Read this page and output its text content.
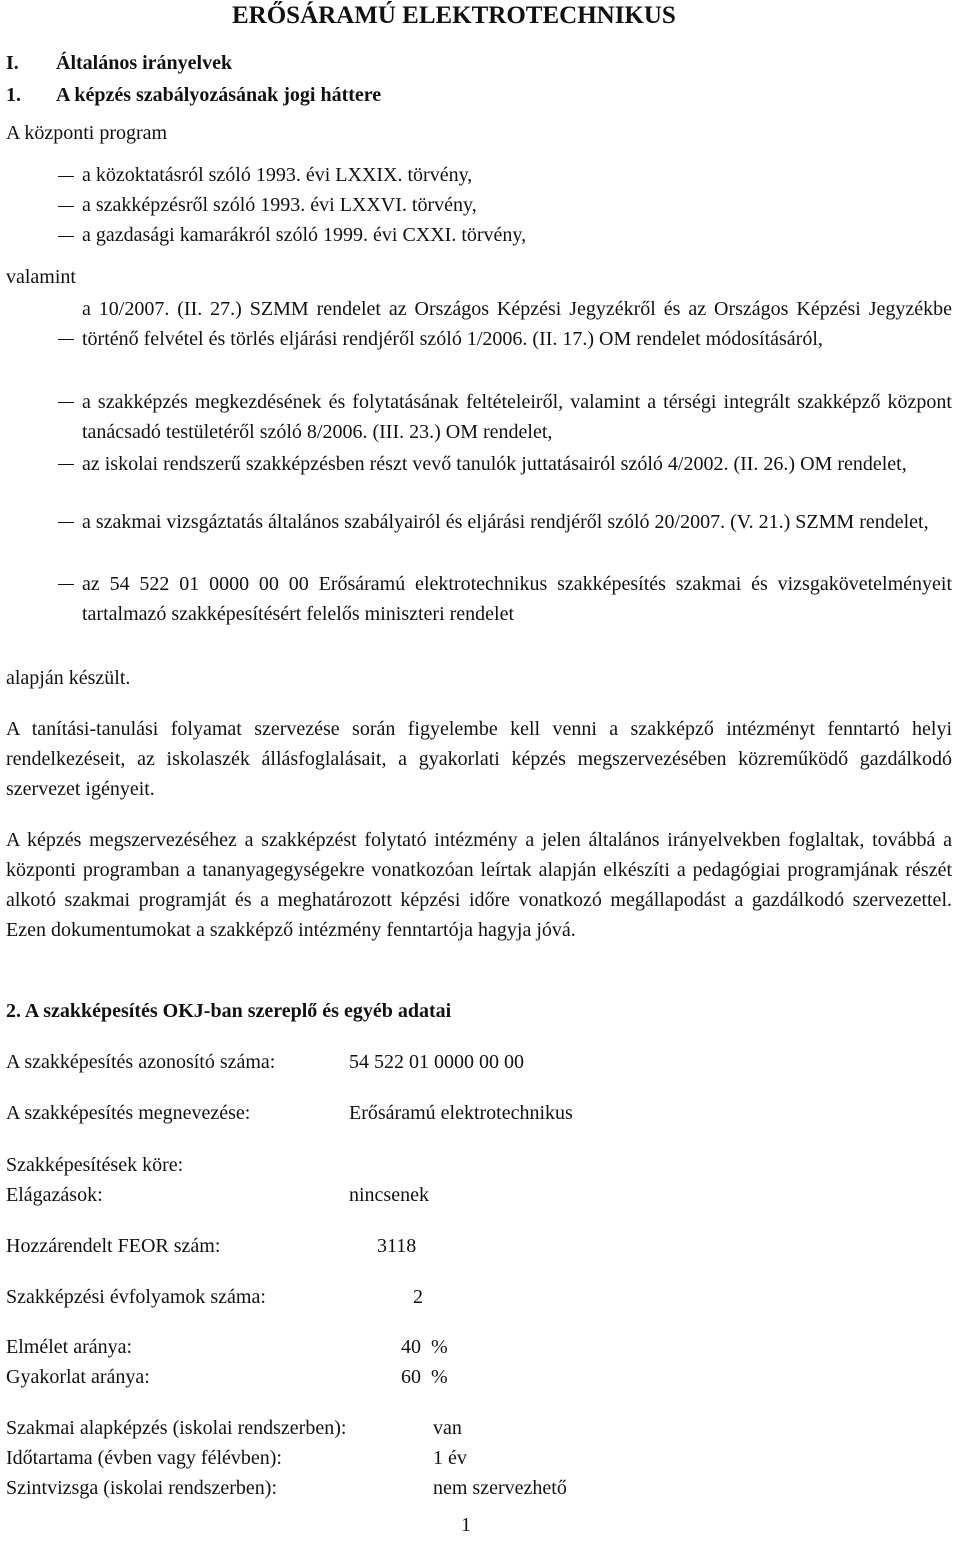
ERŐSÁRAMÚ ELEKTROTECHNIKUS
I. Általános irányelvek
1. A képzés szabályozásának jogi háttere
A központi program
a közoktatásról szóló 1993. évi LXXIX. törvény,
a szakképzésről szóló 1993. évi LXXVI. törvény,
a gazdasági kamarákról szóló 1999. évi CXXI. törvény,
valamint
a 10/2007. (II. 27.) SZMM rendelet az Országos Képzési Jegyzékről és az Országos Képzési Jegyzékbe történő felvétel és törlés eljárási rendjéről szóló 1/2006. (II. 17.) OM rendelet módosításáról,
a szakképzés megkezdésének és folytatásának feltételeiről, valamint a térségi integrált szakképző központ tanácsadó testületéről szóló 8/2006. (III. 23.) OM rendelet,
az iskolai rendszerű szakképzésben részt vevő tanulók juttatásairól szóló 4/2002. (II. 26.) OM rendelet,
a szakmai vizsgáztatás általános szabályairól és eljárási rendjéről szóló 20/2007. (V. 21.) SZMM rendelet,
az 54 522 01 0000 00 00 Erősáramú elektrotechnikus szakképesítés szakmai és vizsgakövetelményeit tartalmazó szakképesítésért felelős miniszteri rendelet
alapján készült.

A tanítási-tanulási folyamat szervezése során figyelembe kell venni a szakképző intézményt fenntartó helyi rendelkezéseit, az iskolaszék állásfoglalásait, a gyakorlati képzés megszervezésében közreműködő gazdálkodó szervezet igényeit.

A képzés megszervezéséhez a szakképzést folytató intézmény a jelen általános irányelvekben foglaltak, továbbá a központi programban a tananyagegységekre vonatkozóan leírtak alapján elkészíti a pedagógiai programjának részét alkotó szakmai programját és a meghatározott képzési időre vonatkozó megállapodást a gazdálkodó szervezettel. Ezen dokumentumokat a szakképző intézmény fenntartója hagyja jóvá.

2. A szakképesítés OKJ-ban szereplő és egyéb adatai
A szakképesítés azonosító száma:	54 522 01 0000 00 00
A szakképesítés megnevezése:	Erősáramú elektrotechnikus
Szakképesítések köre:
Elágazások:	nincsenek
Hozzárendelt FEOR szám:	3118
Szakképzési évfolyamok száma:	2
Elmélet aránya:	40 %
Gyakorlat aránya:	60 %
Szakmai alapképzés (iskolai rendszerben):	van
Időtartama (évben vagy félévben):	1 év
Szintvizsga (iskolai rendszerben):	nem szervezhető
1
